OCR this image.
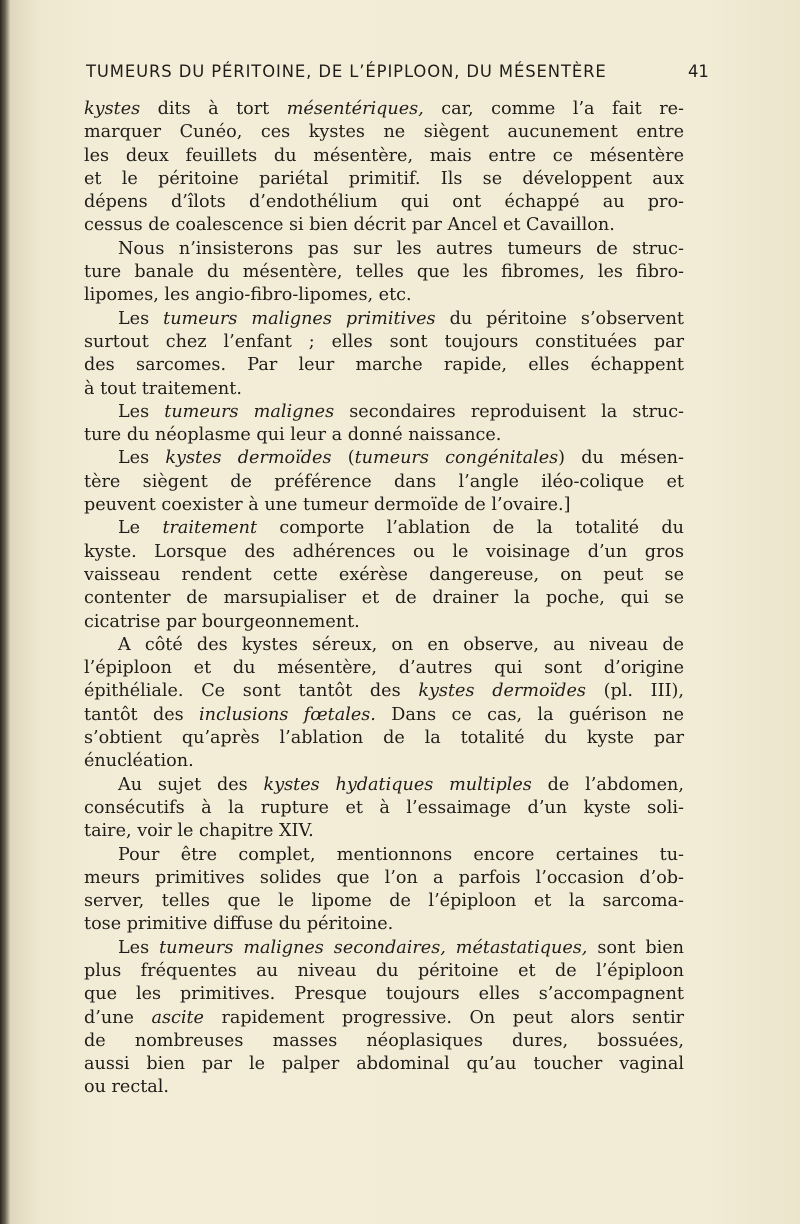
TUMEURS DU PÉRITOINE, DE L’ÉPIPLOON, DU MÉSENTÈRE	41
kystes dits à tort mésentériques, car, comme l’a fait re-
marquer Cunéo, ces kystes ne siègent aucunement entre
les deux feuillets du mésentère, mais entre ce mésentère
et le péritoine pariétal primitif. Ils se développent aux
dépens d’îlots d’endothélium qui ont échappé au pro-
cessus de coalescence si bien décrit par Ancel et Cavaillon.
Nous n’insisterons pas sur les autres tumeurs de struc-
ture banale du mésentère, telles que les fibromes, les fibro-
lipomes, les angio-fibro-lipomes, etc.
Les tumeurs malignes primitives du péritoine s’observent
surtout chez l’enfant ; elles sont toujours constituées par
des sarcomes. Par leur marche rapide, elles échappent
à tout traitement.
Les tumeurs malignes secondaires reproduisent la struc-
ture du néoplasme qui leur a donné naissance.
Les kystes dermoïdes (tumeurs congénitales) du mésen-
tère siègent de préférence dans l’angle iléo-colique et
peuvent coexister à une tumeur dermoïde de l’ovaire.]
Le traitement comporte l’ablation de la totalité du
kyste. Lorsque des adhérences ou le voisinage d’un gros
vaisseau rendent cette exérèse dangereuse, on peut se
contenter de marsupialiser et de drainer la poche, qui se
cicatrise par bourgeonnement.
A côté des kystes séreux, on en observe, au niveau de
l’épiploon et du mésentère, d’autres qui sont d’origine
épithéliale. Ce sont tantôt des kystes dermoïdes (pl. III),
tantôt des inclusions fœtales. Dans ce cas, la guérison ne
s’obtient qu’après l’ablation de la totalité du kyste par
énucléation.
Au sujet des kystes hydatiques multiples de l’abdomen,
consécutifs à la rupture et à l’essaimage d’un kyste soli-
taire, voir le chapitre XIV.
Pour être complet, mentionnons encore certaines tu-
meurs primitives solides que l’on a parfois l’occasion d’ob-
server, telles que le lipome de l’épiploon et la sarcoma-
tose primitive diffuse du péritoine.
Les tumeurs malignes secondaires, métastatiques, sont bien
plus fréquentes au niveau du péritoine et de l’épiploon
que les primitives. Presque toujours elles s’accompagnent
d’une ascite rapidement progressive. On peut alors sentir
de nombreuses masses néoplasiques dures, bossuées,
aussi bien par le palper abdominal qu’au toucher vaginal
ou rectal.
